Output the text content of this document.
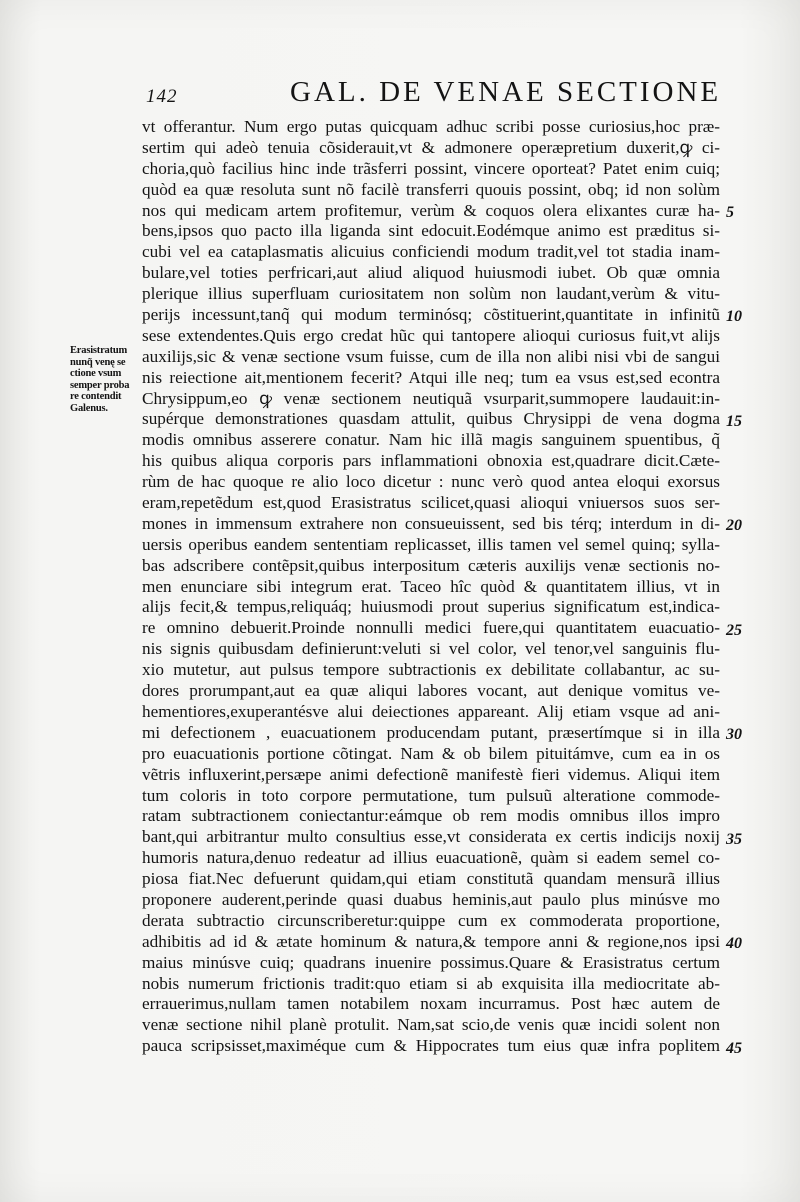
142	GAL. DE VENAE SECTIONE
Erasistratum
nunq̃ venę se
ctione vsum
semper proba
re contendit
Galenus.
vt offerantur. Num ergo putas quicquam adhuc scribi posse curiosius,hoc præ-
sertim qui adeò tenuia cõsiderauit,vt & admonere operæpretium duxerit,ꝙ ci-
choria,quò facilius hinc inde trãsferri possint, vincere oporteat? Patet enim cuiq;
quòd ea quæ resoluta sunt nõ facilè transferri quouis possint, obq; id non solùm
nos qui medicam artem profitemur, verùm & coquos olera elixantes curæ ha-
bens,ipsos quo pacto illa liganda sint edocuit.Eodémque animo est præditus si-
cubi vel ea cataplasmatis alicuius conficiendi modum tradit,vel tot stadia inam-
bulare,vel toties perfricari,aut aliud aliquod huiusmodi iubet. Ob quæ omnia
plerique illius superfluam curiositatem non solùm non laudant,verùm & vitu-
perijs incessunt,tanq̃ qui modum terminósq; cõstituerint,quantitate in infinitũ
sese extendentes.Quis ergo credat hũc qui tantopere alioqui curiosus fuit,vt alijs
auxilijs,sic & venæ sectione vsum fuisse, cum de illa non alibi nisi vbi de sangui
nis reiectione ait,mentionem fecerit? Atqui ille neq; tum ea vsus est,sed econtra
Chrysippum,eo ꝙ venæ sectionem neutiquã vsurparit,summopere laudauit:in-
supérque demonstrationes quasdam attulit, quibus Chrysippi de vena dogma
modis omnibus asserere conatur. Nam hic illã magis sanguinem spuentibus, q̃
his quibus aliqua corporis pars inflammationi obnoxia est,quadrare dicit.Cæte-
rùm de hac quoque re alio loco dicetur : nunc verò quod antea eloqui exorsus
eram,repetẽdum est,quod Erasistratus scilicet,quasi alioqui vniuersos suos ser-
mones in immensum extrahere non consueuissent, sed bis térq; interdum in di-
uersis operibus eandem sententiam replicasset, illis tamen vel semel quinq; sylla-
bas adscribere contẽpsit,quibus interpositum cæteris auxilijs venæ sectionis no-
men enunciare sibi integrum erat. Taceo hîc quòd & quantitatem illius, vt in
alijs fecit,& tempus,reliquáq; huiusmodi prout superius significatum est,indica-
re omnino debuerit.Proinde nonnulli medici fuere,qui quantitatem euacuatio-
nis signis quibusdam definierunt:veluti si vel color, vel tenor,vel sanguinis flu-
xio mutetur, aut pulsus tempore subtractionis ex debilitate collabantur, ac su-
dores prorumpant,aut ea quæ aliqui labores vocant, aut denique vomitus ve-
hementiores,exuperantésve alui deiectiones appareant. Alij etiam vsque ad ani-
mi defectionem , euacuationem producendam putant, præsertímque si in illa
pro euacuationis portione cõtingat. Nam & ob bilem pituitámve, cum ea in os
vẽtris influxerint,persæpe animi defectionẽ manifestè fieri videmus. Aliqui item
tum coloris in toto corpore permutatione, tum pulsuũ alteratione commode-
ratam subtractionem coniectantur:eámque ob rem modis omnibus illos impro
bant,qui arbitrantur multo consultius esse,vt considerata ex certis indicijs noxij
humoris natura,denuo redeatur ad illius euacuationẽ, quàm si eadem semel co-
piosa fiat.Nec defuerunt quidam,qui etiam constitutã quandam mensurã illius
proponere auderent,perinde quasi duabus heminis,aut paulo plus minúsve mo
derata subtractio circunscriberetur:quippe cum ex commoderata proportione,
adhibitis ad id & ætate hominum & natura,& tempore anni & regione,nos ipsi
maius minúsve cuiq; quadrans inuenire possimus.Quare & Erasistratus certum
nobis numerum frictionis tradit:quo etiam si ab exquisita illa mediocritate ab-
errauerimus,nullam tamen notabilem noxam incurramus. Post hæc autem de
venæ sectione nihil planè protulit. Nam,sat scio,de venis quæ incidi solent non
pauca scripsisset,maximéque cum & Hippocrates tum eius quæ infra poplitem
5
10
15
20
25
30
35
40
45
